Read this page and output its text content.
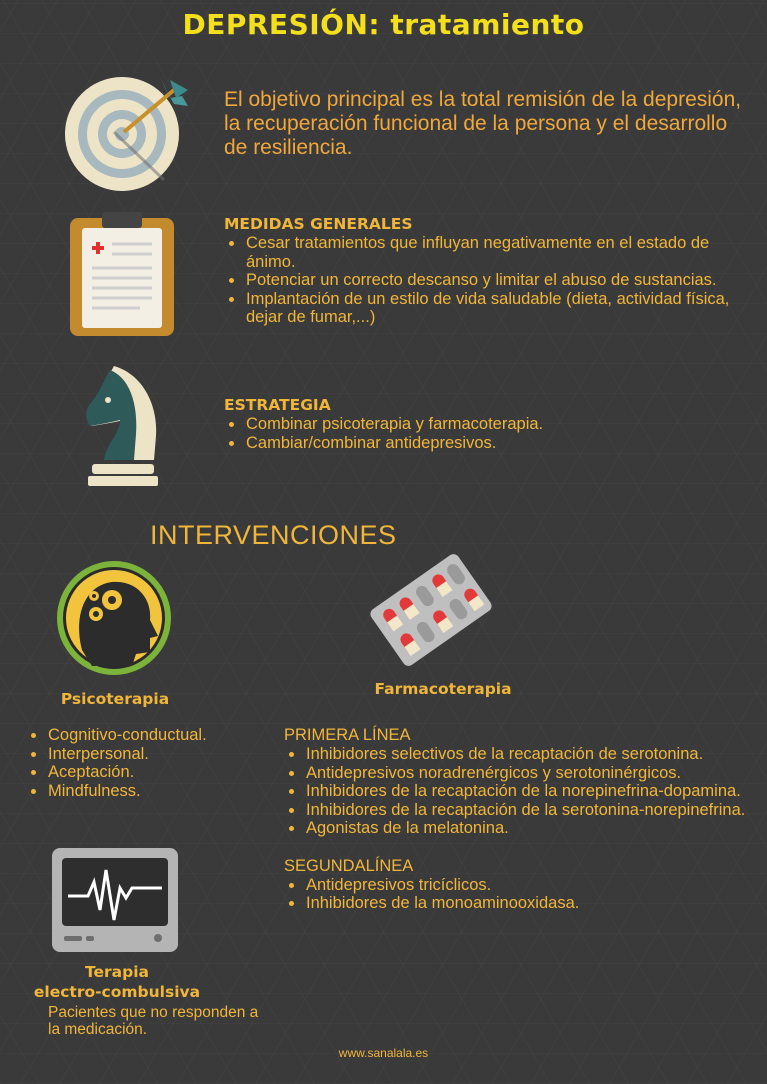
DEPRESIÓN: tratamiento
El objetivo principal es la total remisión de la depresión, la recuperación funcional de la persona y el desarrollo de resiliencia.
MEDIDAS GENERALES
Cesar tratamientos que influyan negativamente en el estado de ánimo.
Potenciar un correcto descanso y limitar el abuso de sustancias.
Implantación de un estilo de vida saludable (dieta, actividad física, dejar de fumar,...)
ESTRATEGIA
Combinar psicoterapia y farmacoterapia.
Cambiar/combinar antidepresivos.
INTERVENCIONES
Psicoterapia
Farmacoterapia
Cognitivo-conductual.
Interpersonal.
Aceptación.
Mindfulness.
PRIMERA LÍNEA
Inhibidores selectivos de la recaptación de serotonina.
Antidepresivos noradrenérgicos y serotoninérgicos.
Inhibidores de la recaptación de la norepinefrina-dopamina.
Inhibidores de la recaptación de la serotonina-norepinefrina.
Agonistas de la melatonina.
SEGUNDALÍNEA
Antidepresivos tricíclicos.
Inhibidores de la monoaminooxidasa.
Terapia
electro-combulsiva
Pacientes que no responden a la medicación.
www.sanalala.es
